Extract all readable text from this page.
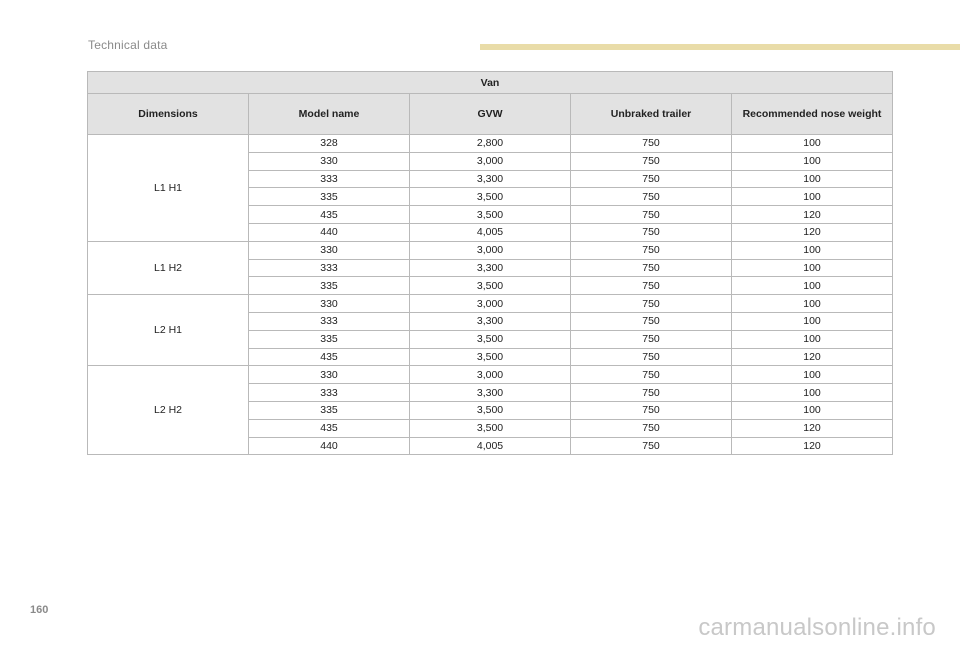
Technical data
Van				
Dimensions	Model name	GVW	Unbraked trailer	Recommended nose weight
L1 H1	328	2,800	750	100
	330	3,000	750	100
	333	3,300	750	100
	335	3,500	750	100
	435	3,500	750	120
	440	4,005	750	120
L1 H2	330	3,000	750	100
	333	3,300	750	100
	335	3,500	750	100
L2 H1	330	3,000	750	100
	333	3,300	750	100
	335	3,500	750	100
	435	3,500	750	120
L2 H2	330	3,000	750	100
	333	3,300	750	100
	335	3,500	750	100
	435	3,500	750	120
	440	4,005	750	120
160
carmanualsonline.info
